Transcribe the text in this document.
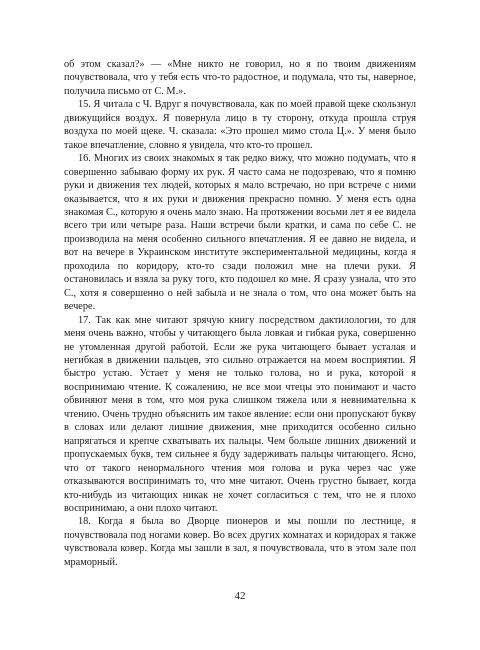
об этом сказал?» — «Мне никто не говорил, но я по твоим движениям почувствовала, что у тебя есть что-то радостное, и подумала, что ты, наверное, получила письмо от С. М.».

15. Я читала с Ч. Вдруг я почувствовала, как по моей правой щеке скользнул движущийся воздух. Я повернула лицо в ту сторону, откуда прошла струя воздуха по моей щеке. Ч. сказала: «Это прошел мимо стола Ц.». У меня было такое впечатление, словно я увидела, что кто-то прошел.

16. Многих из своих знакомых я так редко вижу, что можно подумать, что я совершенно забываю форму их рук. Я часто сама не подозреваю, что я помню руки и движения тех людей, которых я мало встречаю, но при встрече с ними оказывается, что я их руки и движения прекрасно помню. У меня есть одна знакомая С., которую я очень мало знаю. На протяжении восьми лет я ее видела всего три или четыре раза. Наши встречи были кратки, и сама по себе С. не производила на меня особенно сильного впечатления. Я ее давно не видела, и вот на вечере в Украинском институте экспериментальной медицины, когда я проходила по коридору, кто-то сзади положил мне на плечи руки. Я остановилась и взяла за руку того, кто подошел ко мне. Я сразу узнала, что это С., хотя я совершенно о ней забыла и не знала о том, что она может быть на вечере.

17. Так как мне читают зрячую книгу посредством дактилологии, то для меня очень важно, чтобы у читающего была ловкая и гибкая рука, совершенно не утомленная другой работой. Если же рука читающего бывает усталая и негибкая в движении пальцев, это сильно отражается на моем восприятии. Я быстро устаю. Устает у меня не только голова, но и рука, которой я воспринимаю чтение. К сожалению, не все мои чтецы это понимают и часто обвиняют меня в том, что моя рука слишком тяжела или я невнимательна к чтению. Очень трудно объяснить им такое явление: если они пропускают букву в словах или делают лишние движения, мне приходится особенно сильно напрягаться и крепче схватывать их пальцы. Чем больше лишних движений и пропускаемых букв, тем сильнее я буду задерживать пальцы читающего. Ясно, что от такого ненормального чтения моя голова и рука через час уже отказываются воспринимать то, что мне читают. Очень грустно бывает, когда кто-нибудь из читающих никак не хочет согласиться с тем, что не я плохо воспринимаю, а они плохо читают.

18. Когда я была во Дворце пионеров и мы пошли по лестнице, я почувствовала под ногами ковер. Во всех других комнатах и коридорах я также чувствовала ковер. Когда мы зашли в зал, я почувствовала, что в этом зале пол мраморный.

42
